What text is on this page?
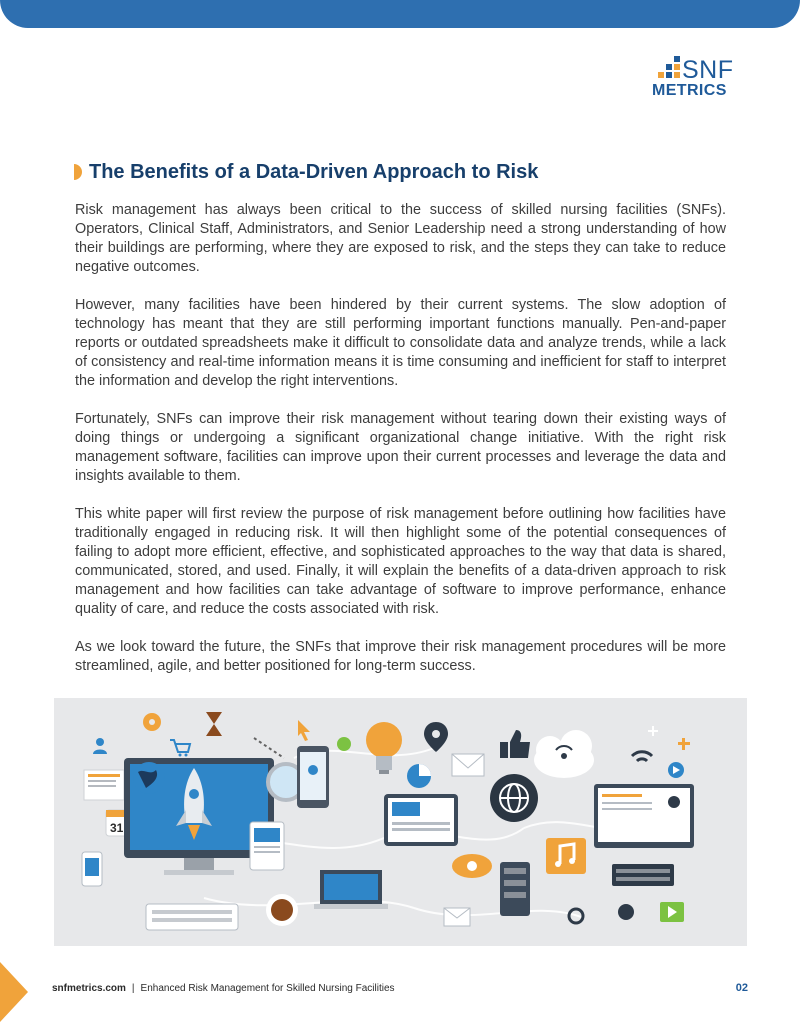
SNF
METRICS
The Benefits of a Data-Driven Approach to Risk

Risk management has always been critical to the success of skilled nursing facilities (SNFs). Operators, Clinical Staff, Administrators, and Senior Leadership need a strong understanding of how their buildings are performing, where they are exposed to risk, and the steps they can take to reduce negative outcomes.

However, many facilities have been hindered by their current systems. The slow adoption of technology has meant that they are still performing important functions manually. Pen-and-paper reports or outdated spreadsheets make it difficult to consolidate data and analyze trends, while a lack of consistency and real-time information means it is time consuming and inefficient for staff to interpret the information and develop the right interventions.

Fortunately, SNFs can improve their risk management without tearing down their existing ways of doing things or undergoing a significant organizational change initiative. With the right risk management software, facilities can improve upon their current processes and leverage the data and insights available to them.

This white paper will first review the purpose of risk management before outlining how facilities have traditionally engaged in reducing risk. It will then highlight some of the potential consequences of failing to adopt more efficient, effective, and sophisticated approaches to the way that data is shared, communicated, stored, and used. Finally, it will explain the benefits of a data-driven approach to risk management and how facilities can take advantage of software to improve performance, enhance quality of care, and reduce the costs associated with risk.

As we look toward the future, the SNFs that improve their risk management procedures will be more streamlined, agile, and better positioned for long-term success.

31
snfmetrics.com | Enhanced Risk Management for Skilled Nursing Facilities	02
